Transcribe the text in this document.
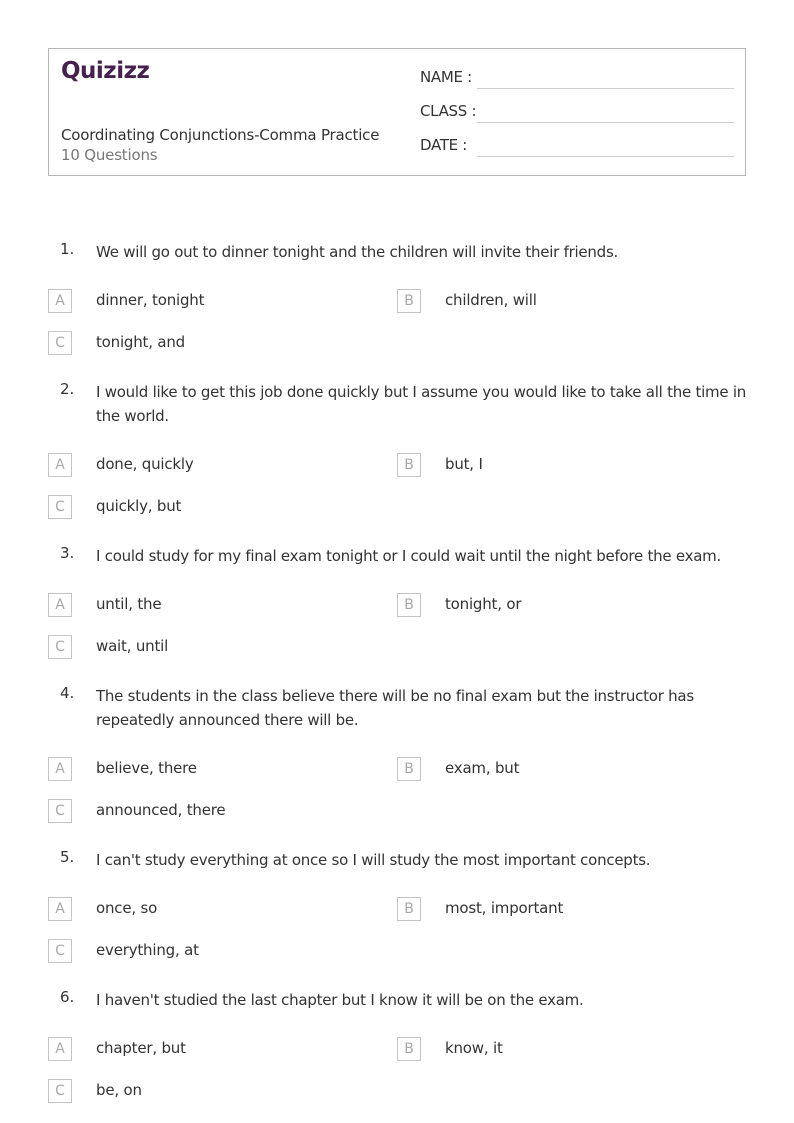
Quizizz
Coordinating Conjunctions-Comma Practice
10 Questions
NAME :
CLASS :
DATE :
1. We will go out to dinner tonight and the children will invite their friends.
A	dinner, tonight	B	children, will
C	tonight, and
2. I would like to get this job done quickly but I assume you would like to take all the time in the world.
A	done, quickly	B	but, I
C	quickly, but
3. I could study for my final exam tonight or I could wait until the night before the exam.
A	until, the	B	tonight, or
C	wait, until
4. The students in the class believe there will be no final exam but the instructor has repeatedly announced there will be.
A	believe, there	B	exam, but
C	announced, there
5. I can't study everything at once so I will study the most important concepts.
A	once, so	B	most, important
C	everything, at
6. I haven't studied the last chapter but I know it will be on the exam.
A	chapter, but	B	know, it
C	be, on
